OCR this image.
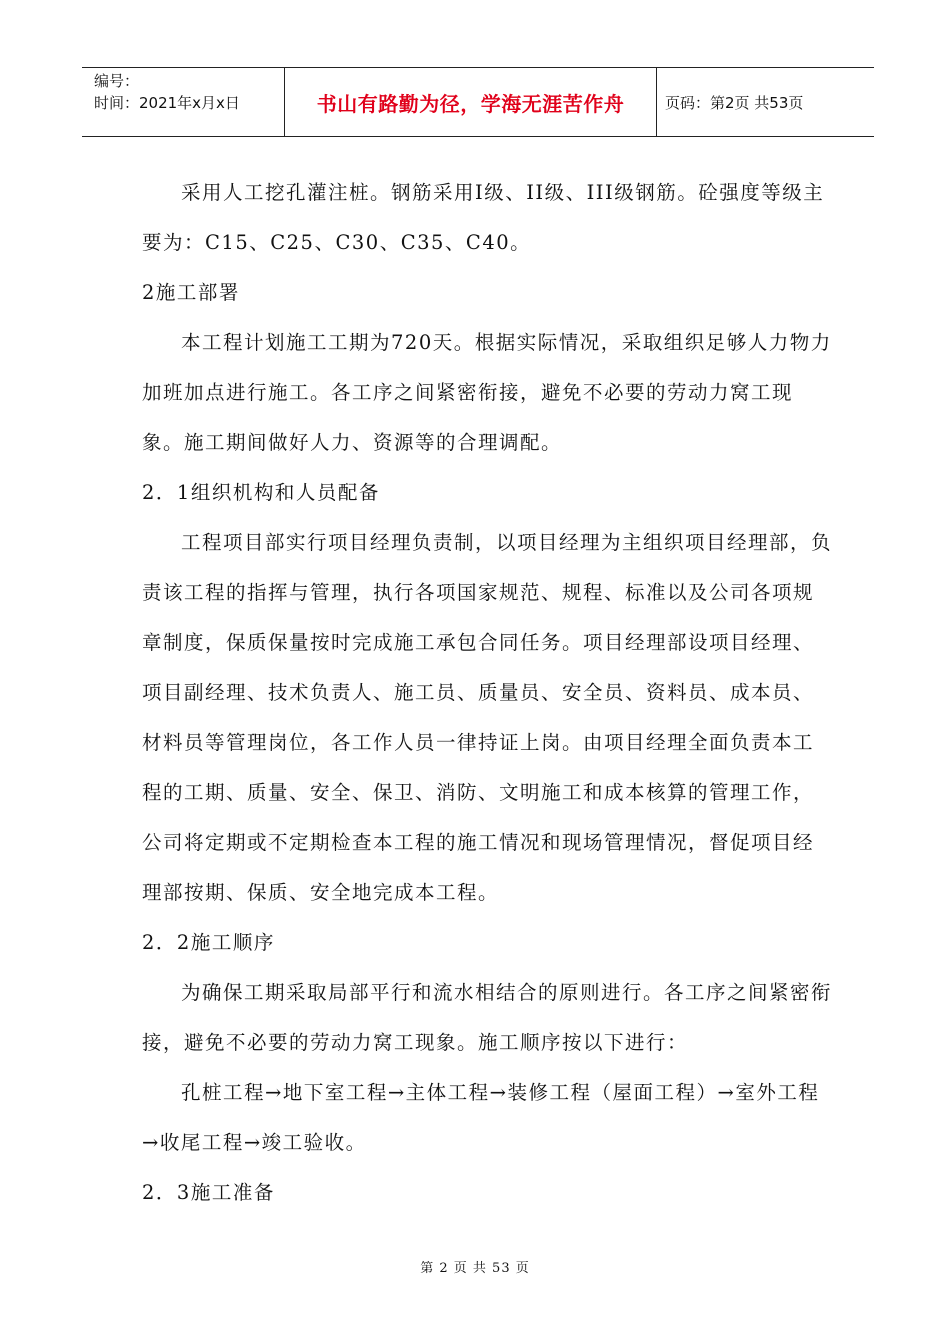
编号：
时间：2021年x月x日	书山有路勤为径，学海无涯苦作舟	页码：第2页 共53页

采用人工挖孔灌注桩。钢筋采用I级、II级、III级钢筋。砼强度等级主要为：C15、C25、C30、C35、C40。

2施工部署

本工程计划施工工期为720天。根据实际情况，采取组织足够人力物力加班加点进行施工。各工序之间紧密衔接，避免不必要的劳动力窝工现象。施工期间做好人力、资源等的合理调配。

2．1组织机构和人员配备

工程项目部实行项目经理负责制，以项目经理为主组织项目经理部，负责该工程的指挥与管理，执行各项国家规范、规程、标准以及公司各项规章制度，保质保量按时完成施工承包合同任务。项目经理部设项目经理、项目副经理、技术负责人、施工员、质量员、安全员、资料员、成本员、材料员等管理岗位，各工作人员一律持证上岗。由项目经理全面负责本工程的工期、质量、安全、保卫、消防、文明施工和成本核算的管理工作，公司将定期或不定期检查本工程的施工情况和现场管理情况，督促项目经理部按期、保质、安全地完成本工程。

2．2施工顺序

为确保工期采取局部平行和流水相结合的原则进行。各工序之间紧密衔接，避免不必要的劳动力窝工现象。施工顺序按以下进行：

孔桩工程→地下室工程→主体工程→装修工程（屋面工程）→室外工程→收尾工程→竣工验收。

2．3施工准备

第 2 页 共 53 页
